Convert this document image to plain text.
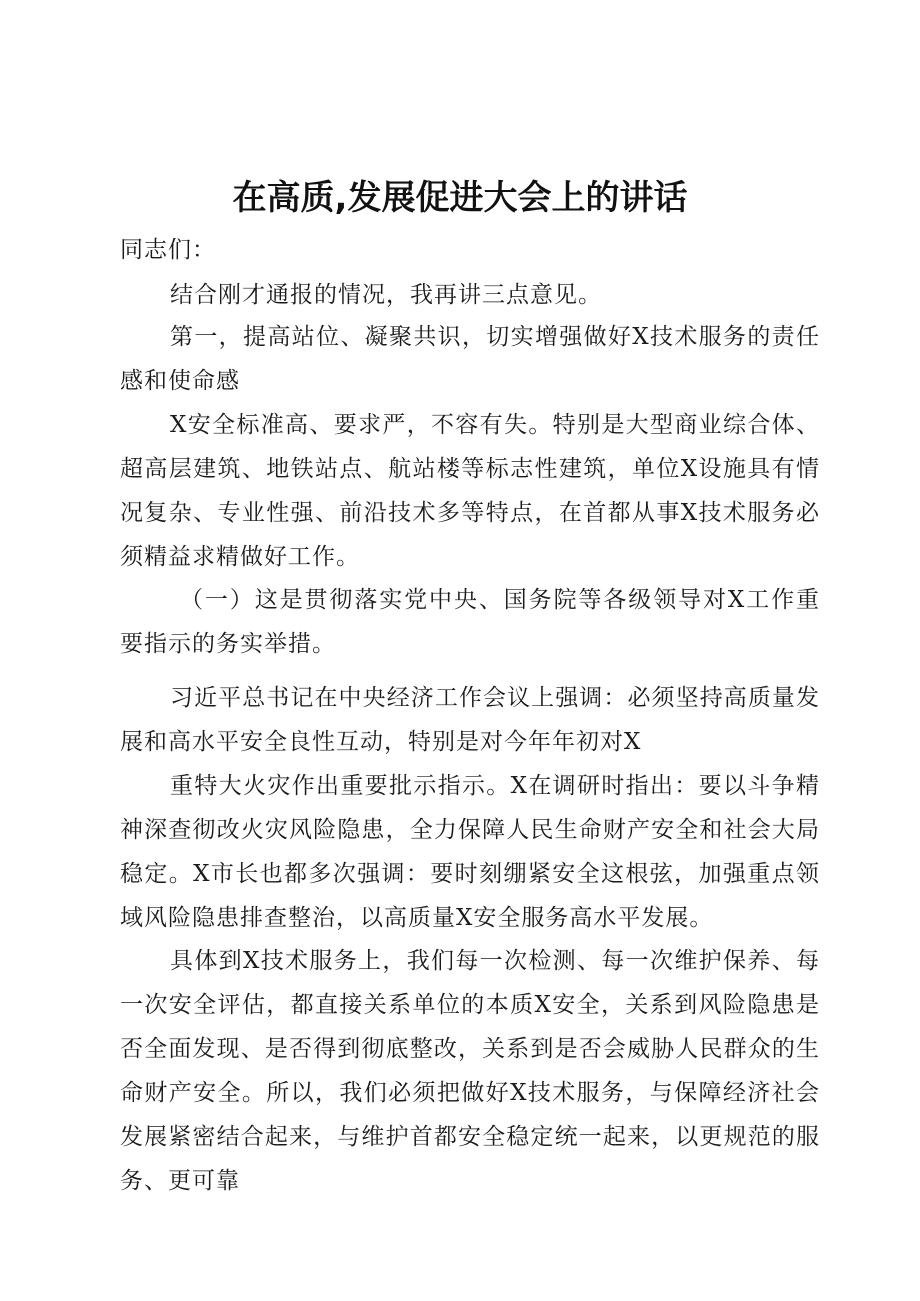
在高质,发展促进大会上的讲话

同志们：

结合刚才通报的情况，我再讲三点意见。

第一，提高站位、凝聚共识，切实增强做好X技术服务的责任感和使命感

X安全标准高、要求严，不容有失。特别是大型商业综合体、超高层建筑、地铁站点、航站楼等标志性建筑，单位X设施具有情况复杂、专业性强、前沿技术多等特点，在首都从事X技术服务必须精益求精做好工作。

（一）这是贯彻落实党中央、国务院等各级领导对X工作重要指示的务实举措。

习近平总书记在中央经济工作会议上强调：必须坚持高质量发展和高水平安全良性互动，特别是对今年年初对X

重特大火灾作出重要批示指示。X在调研时指出：要以斗争精神深查彻改火灾风险隐患，全力保障人民生命财产安全和社会大局稳定。X市长也都多次强调：要时刻绷紧安全这根弦，加强重点领域风险隐患排查整治，以高质量X安全服务高水平发展。

具体到X技术服务上，我们每一次检测、每一次维护保养、每一次安全评估，都直接关系单位的本质X安全，关系到风险隐患是否全面发现、是否得到彻底整改，关系到是否会威胁人民群众的生命财产安全。所以，我们必须把做好X技术服务，与保障经济社会发展紧密结合起来，与维护首都安全稳定统一起来，以更规范的服务、更可靠
